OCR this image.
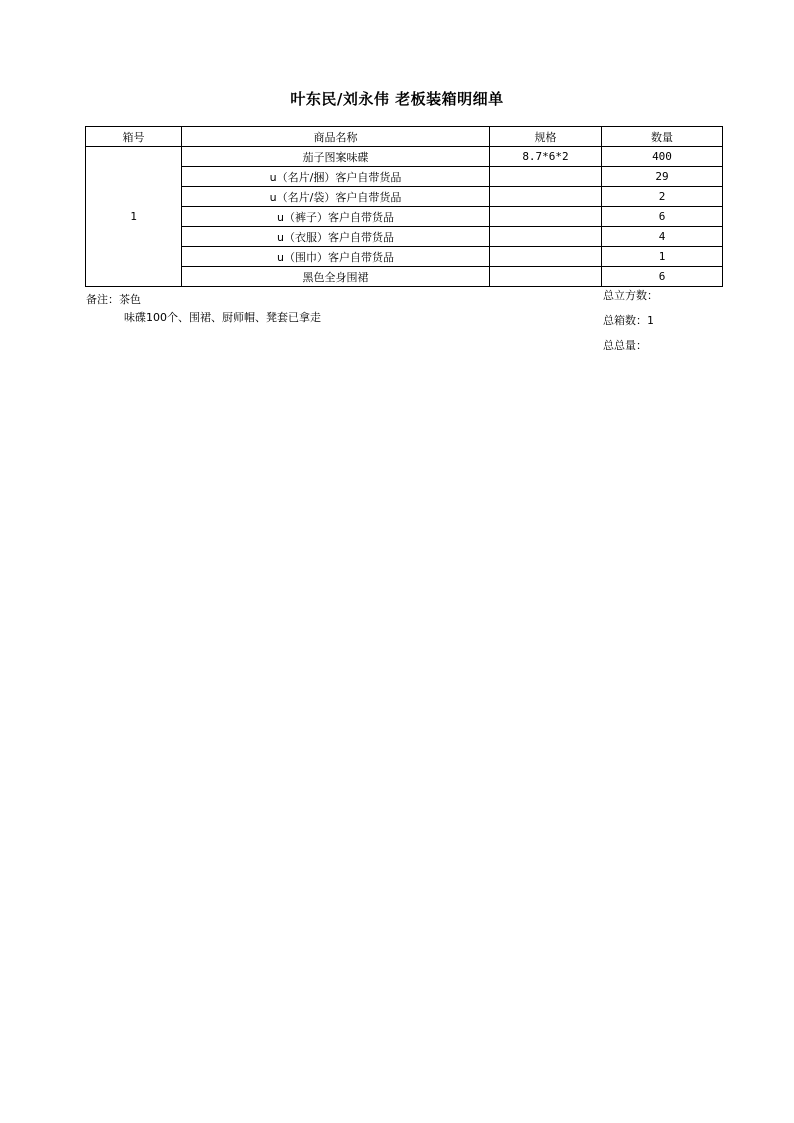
叶东民/刘永伟 老板装箱明细单
箱号	商品名称	规格	数量
1	茄子图案味碟	8.7*6*2	400
	u（名片/捆）客户自带货品		29
	u（名片/袋）客户自带货品		2
	u（裤子）客户自带货品		6
	u（衣服）客户自带货品		4
	u（围巾）客户自带货品		1
	黑色全身围裙		6
备注：茶色
味碟100个、围裙、厨师帽、凳套已拿走
总立方数：
总箱数：1
总总量：
